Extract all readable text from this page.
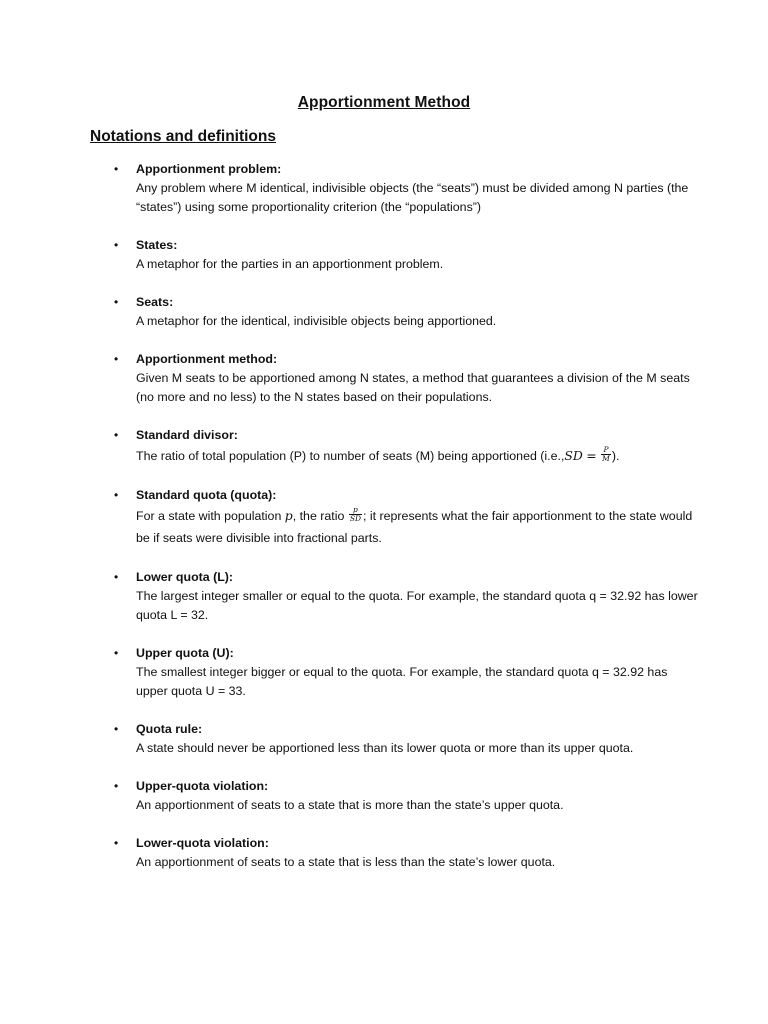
Apportionment Method
Notations and definitions
• Apportionment problem:
Any problem where M identical, indivisible objects (the “seats”) must be divided among N parties (the “states”) using some proportionality criterion (the “populations”)
• States:
A metaphor for the parties in an apportionment problem.
• Seats:
A metaphor for the identical, indivisible objects being apportioned.
• Apportionment method:
Given M seats to be apportioned among N states, a method that guarantees a division of the M seats (no more and no less) to the N states based on their populations.
• Standard divisor:
The ratio of total population (P) to number of seats (M) being apportioned ($i.e.,SD = \frac{P}{M}$ ).
• Standard quota (quota):
For a state with population p, the ratio $\frac{p}{SD}$ ; it represents what the fair apportionment to the state would be if seats were divisible into fractional parts.
• Lower quota (L):
The largest integer smaller or equal to the quota. For example, the standard quota q = 32.92 has lower quota L = 32.
• Upper quota (U):
The smallest integer bigger or equal to the quota. For example, the standard quota q = 32.92 has upper quota U = 33.
• Quota rule:
A state should never be apportioned less than its lower quota or more than its upper quota.
• Upper-quota violation:
An apportionment of seats to a state that is more than the state’s upper quota.
• Lower-quota violation:
An apportionment of seats to a state that is less than the state’s lower quota.
